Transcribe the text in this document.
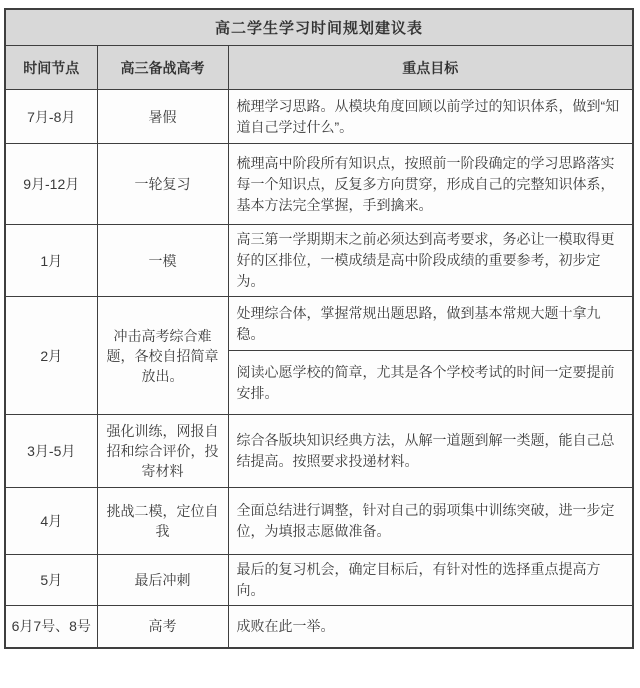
高二学生学习时间规划建议表		
时间节点	高三备战高考	重点目标
7月-8月	暑假	梳理学习思路。从模块角度回顾以前学过的知识体系，做到“知道自己学过什么”。
9月-12月	一轮复习	梳理高中阶段所有知识点，按照前一阶段确定的学习思路落实每一个知识点，反复多方向贯穿，形成自己的完整知识体系，基本方法完全掌握，手到擒来。
1月	一模	高三第一学期期末之前必须达到高考要求，务必让一模取得更好的区排位，一模成绩是高中阶段成绩的重要参考，初步定为。
2月	冲击高考综合难题，各校自招简章放出。	处理综合体，掌握常规出题思路，做到基本常规大题十拿九稳。
		阅读心愿学校的简章，尤其是各个学校考试的时间一定要提前安排。
3月-5月	强化训练，网报自招和综合评价，投寄材料	综合各版块知识经典方法，从解一道题到解一类题，能自己总结提高。按照要求投递材料。
4月	挑战二模，定位自我	全面总结进行调整，针对自己的弱项集中训练突破，进一步定位，为填报志愿做准备。
5月	最后冲刺	最后的复习机会，确定目标后，有针对性的选择重点提高方向。
6月7号、8号	高考	成败在此一举。
